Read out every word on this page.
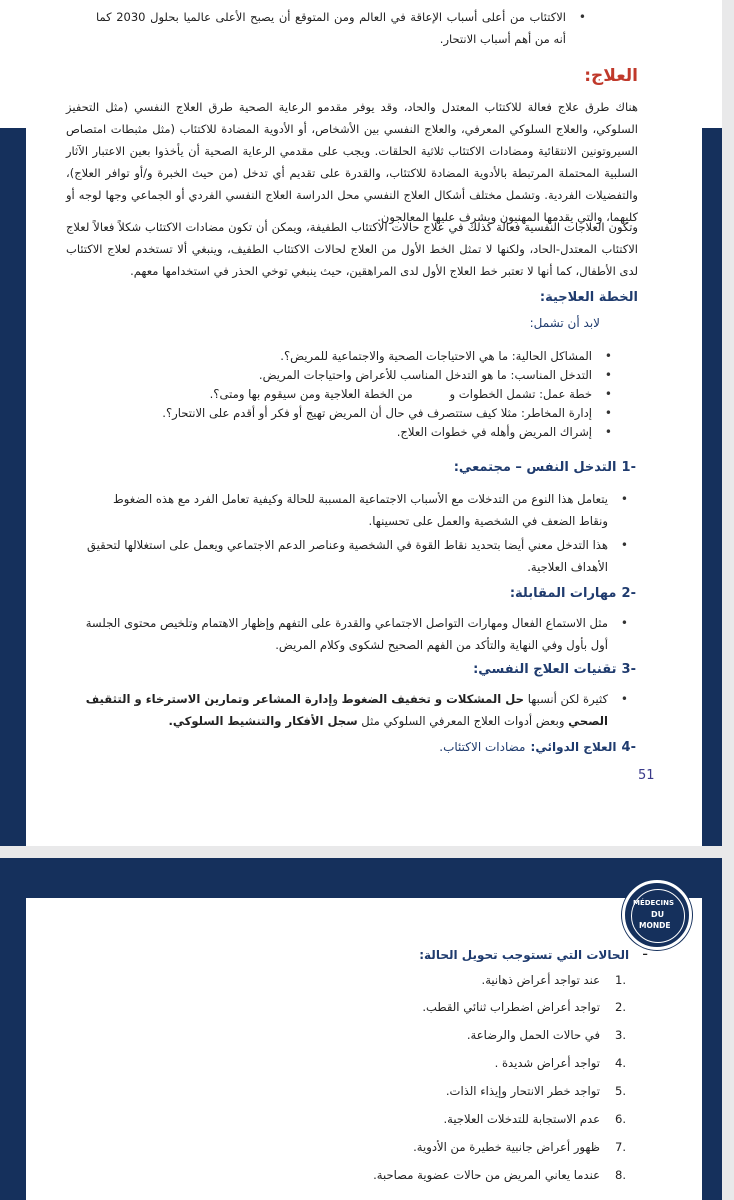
•
الاكتئاب من أعلى أسباب الإعاقة في العالم ومن المتوقع أن يصبح الأعلى عالميا بحلول 2030 كما أنه من أهم أسباب الانتحار.
العلاج:
هناك طرق علاج فعالة للاكتئاب المعتدل والحاد، وقد يوفر مقدمو الرعاية الصحية طرق العلاج النفسي (مثل التحفيز السلوكي، والعلاج السلوكي المعرفي، والعلاج النفسي بين الأشخاص، أو الأدوية المضادة للاكتئاب (مثل مثبطات امتصاص السيروتونين الانتقائية ومضادات الاكتئاب ثلاثية الحلقات. ويجب على مقدمي الرعاية الصحية أن يأخذوا بعين الاعتبار الآثار السلبية المحتملة المرتبطة بالأدوية المضادة للاكتئاب، والقدرة على تقديم أي تدخل (من حيث الخبرة و/أو توافر العلاج)، والتفضيلات الفردية. وتشمل مختلف أشكال العلاج النفسي محل الدراسة العلاج النفسي الفردي أو الجماعي وجها لوجه أو كليهما، والتي يقدمها المهنيون ويشرف عليها المعالجون.
وتكون العلاجات النفسية فعالة كذلك في علاج حالات الاكتئاب الطفيفة، ويمكن أن تكون مضادات الاكتئاب شكلاً فعالاً لعلاج الاكتئاب المعتدل-الحاد، ولكنها لا تمثل الخط الأول من العلاج لحالات الاكتئاب الطفيف، وينبغي ألا تستخدم لعلاج الاكتئاب لدى الأطفال، كما أنها لا تعتبر خط العلاج الأول لدى المراهقين، حيث ينبغي توخي الحذر في استخدامها معهم.
الخطة العلاجية:
لابد أن تشمل:
•
المشاكل الحالية: ما هي الاحتياجات الصحية والاجتماعية للمريض؟.
•
التدخل المناسب: ما هو التدخل المناسب للأعراض واحتياجات المريض.
•
خطة عمل: تشمل الخطوات و          من الخطة العلاجية ومن سيقوم بها ومتى؟.
•
إدارة المخاطر: مثلا كيف ستتصرف في حال أن المريض تهيج أو فكر أو أقدم على الانتحار؟.
•
إشراك المريض وأهله في خطوات العلاج.
-1 التدخل النفس – مجتمعي:
•
يتعامل هذا النوع من التدخلات مع الأسباب الاجتماعية المسببة للحالة وكيفية تعامل الفرد مع هذه الضغوط ونقاط الضعف في الشخصية والعمل على تحسينها.
•
هذا التدخل معني أيضا بتحديد نقاط القوة في الشخصية وعناصر الدعم الاجتماعي ويعمل على استغلالها لتحقيق الأهداف العلاجية.
-2 مهارات المقابلة:
•
مثل الاستماع الفعال ومهارات التواصل الاجتماعي والقدرة على التفهم وإظهار الاهتمام وتلخيص محتوى الجلسة أول بأول وفي النهاية والتأكد من الفهم الصحيح لشكوى وكلام المريض.
-3 تقنيات العلاج النفسي:
•
كثيرة لكن أنسبها حل المشكلات و تخفيف الضغوط وإدارة المشاعر وتمارين الاسترخاء و التثقيف الصحي وبعض أدوات العلاج المعرفي السلوكي مثل سجل الأفكار والتنشيط السلوكي.
-4 العلاج الدوائي: مضادات الاكتئاب.
51
MÉDECINS
DU
MONDE
- الحالات التي تستوجب تحويل الحالة:
1.
عند تواجد أعراض ذهانية.
2.
تواجد أعراض اضطراب ثنائي القطب.
3.
في حالات الحمل والرضاعة.
4.
تواجد أعراض شديدة .
5.
تواجد خطر الانتحار وإيذاء الذات.
6.
عدم الاستجابة للتدخلات العلاجية.
7.
ظهور أعراض جانبية خطيرة من الأدوية.
8.
عندما يعاني المريض من حالات عضوية مصاحبة.
